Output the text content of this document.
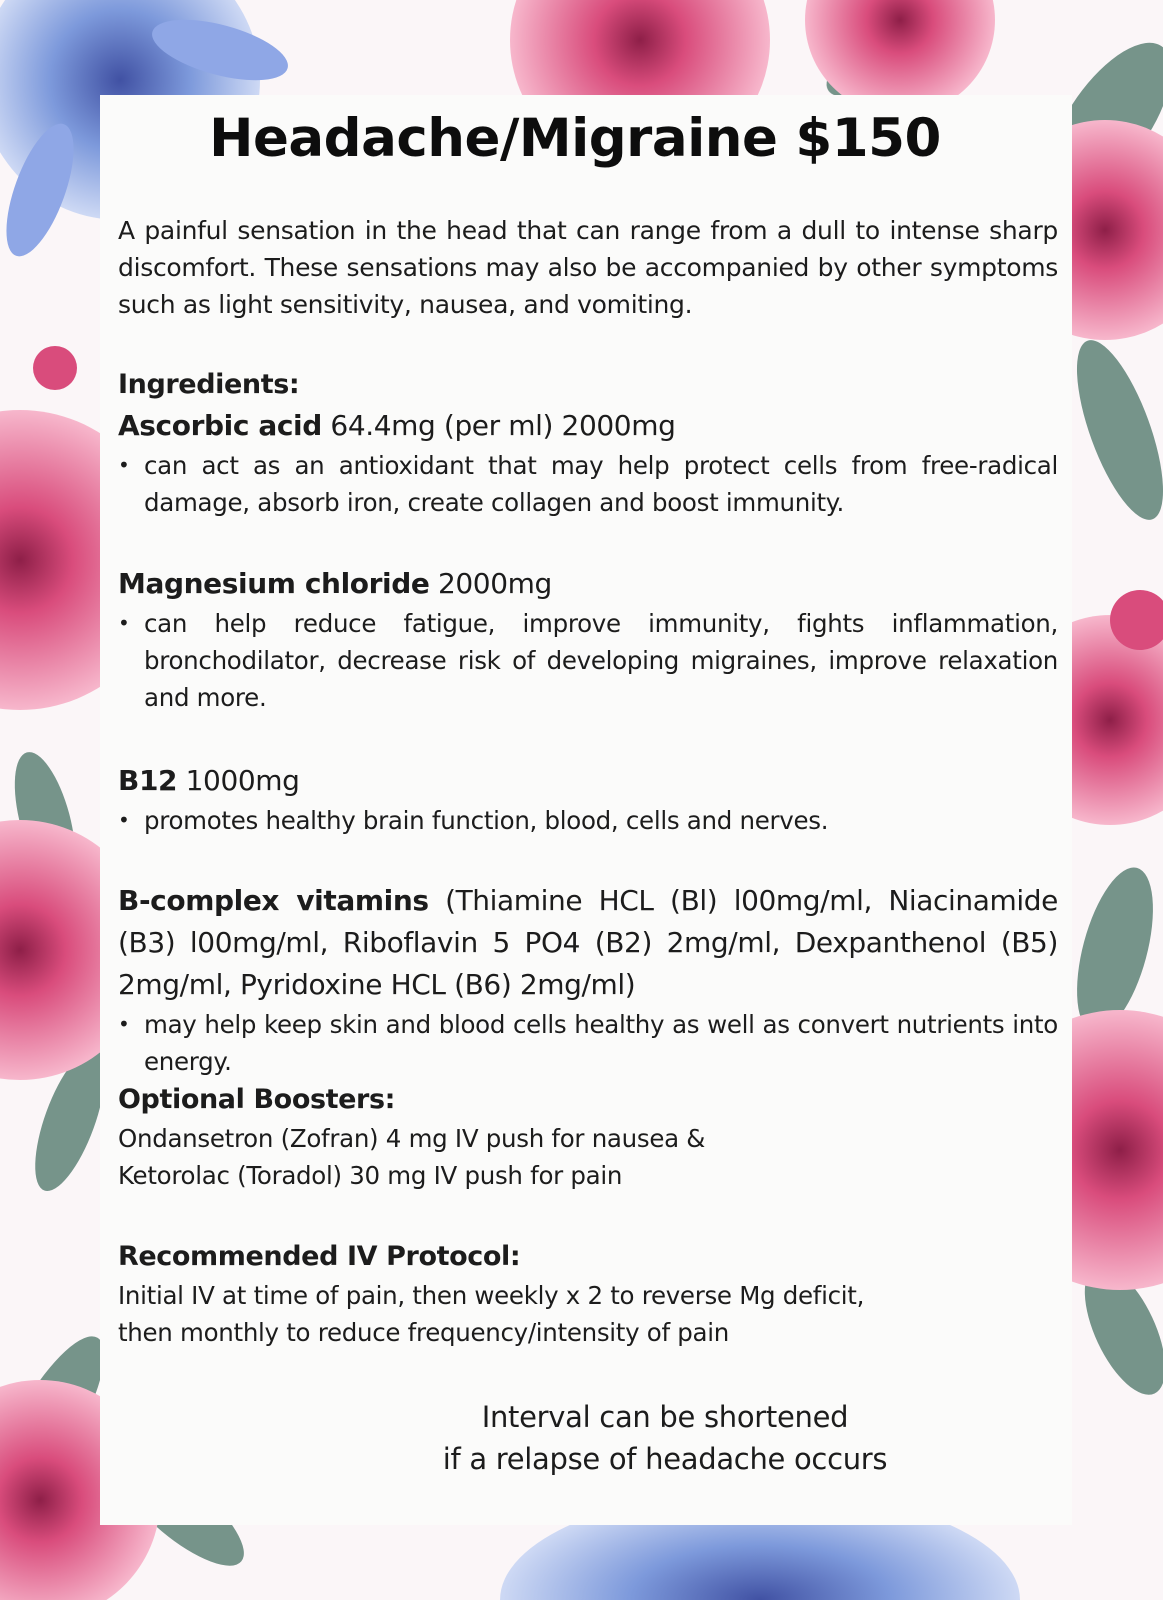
Headache/Migraine $150

A painful sensation in the head that can range from a dull to intense sharp discomfort. These sensations may also be accompanied by other symptoms such as light sensitivity, nausea, and vomiting.

Ingredients:
Ascorbic acid 64.4mg (per ml) 2000mg
• can act as an antioxidant that may help protect cells from free-radical damage, absorb iron, create collagen and boost immunity.
Magnesium chloride 2000mg
• can help reduce fatigue, improve immunity, fights inflammation, bronchodilator, decrease risk of developing migraines, improve relaxation and more.
B12 1000mg
• promotes healthy brain function, blood, cells and nerves.
B-complex vitamins (Thiamine HCL (Bl) l00mg/ml, Niacinamide (B3) l00mg/ml, Riboflavin 5 PO4 (B2) 2mg/ml, Dexpanthenol (B5) 2mg/ml, Pyridoxine HCL (B6) 2mg/ml)
• may help keep skin and blood cells healthy as well as convert nutrients into energy.
Optional Boosters:
Ondansetron (Zofran) 4 mg IV push for nausea &
Ketorolac (Toradol) 30 mg IV push for pain
Recommended IV Protocol:
Initial IV at time of pain, then weekly x 2 to reverse Mg deficit,
then monthly to reduce frequency/intensity of pain
Interval can be shortened
if a relapse of headache occurs
